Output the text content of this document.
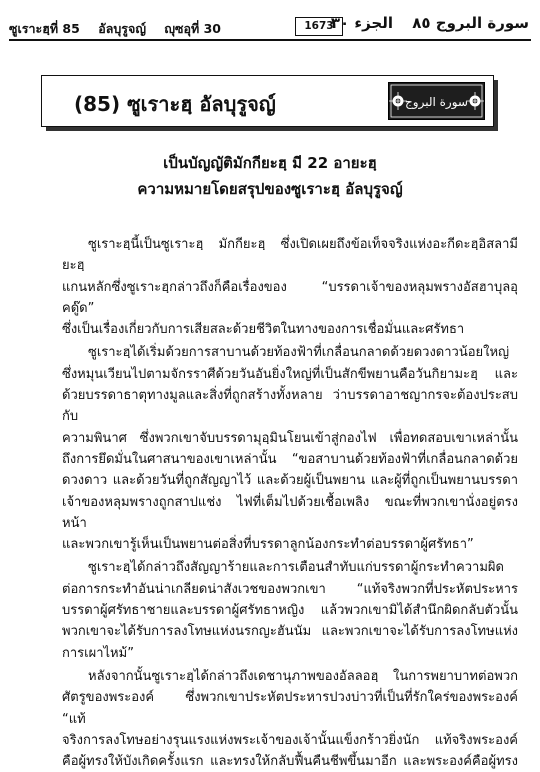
ซูเราะฮฺที่ 85 อัลบุรูจญ์ ญุซอุที่ 30	1673	سورة البروج ٨٥ الجزء ٣٠
(85) ซูเราะฮฺ อัลบุรูจญ์	سورة البروج
เป็นบัญญัติมักกียะฮฺ มี 22 อายะฮฺ
ความหมายโดยสรุปของซูเราะฮฺ อัลบุรูจญ์

ซูเราะฮฺนี้เป็นซูเราะฮฺ มักกียะฮฺ ซึ่งเปิดเผยถึงข้อเท็จจริงแห่งอะกีดะฮฺอิสลามียะฮฺ

แกนหลักซึ่งซูเราะฮฺกล่าวถึงก็คือเรื่องของ “บรรดาเจ้าของหลุมพรางอัสฮาบุลอุคดู๊ด”

ซึ่งเป็นเรื่องเกี่ยวกับการเสียสละด้วยชีวิตในทางของการเชื่อมั่นและศรัทธา

ซูเราะฮฺได้เริ่มด้วยการสาบานด้วยท้องฟ้าที่เกลื่อนกลาดด้วยดวงดาวน้อยใหญ่

ซึ่งหมุนเวียนไปตามจักรราศีด้วยวันอันยิ่งใหญ่ที่เป็นสักขีพยานคือวันกิยามะฮฺ และ

ด้วยบรรดาธาตุทางมูลและสิ่งที่ถูกสร้างทั้งหลาย ว่าบรรดาอาชญากรจะต้องประสบกับ

ความพินาศ ซึ่งพวกเขาจับบรรดามุอฺมินโยนเข้าสู่กองไฟ เพื่อทดสอบเขาเหล่านั้น

ถึงการยึดมั่นในศาสนาของเขาเหล่านั้น “ขอสาบานด้วยท้องฟ้าที่เกลื่อนกลาดด้วย

ดวงดาว และด้วยวันที่ถูกสัญญาไว้ และด้วยผู้เป็นพยาน และผู้ที่ถูกเป็นพยานบรรดา

เจ้าของหลุมพรางถูกสาปแช่ง ไฟที่เต็มไปด้วยเชื้อเพลิง ขณะที่พวกเขานั่งอยู่ตรงหน้า

และพวกเขารู้เห็นเป็นพยานต่อสิ่งที่บรรดาลูกน้องกระทำต่อบรรดาผู้ศรัทธา”

ซูเราะฮฺได้กล่าวถึงสัญญาร้ายและการเตือนสำทับแก่บรรดาผู้กระทำความผิด

ต่อการกระทำอันน่าเกลียดน่าสังเวชของพวกเขา “แท้จริงพวกที่ประหัตประหาร

บรรดาผู้ศรัทธาชายและบรรดาผู้ศรัทธาหญิง แล้วพวกเขามิได้สำนึกผิดกลับตัวนั้น

พวกเขาจะได้รับการลงโทษแห่งนรกญะฮันนัม และพวกเขาจะได้รับการลงโทษแห่ง

การเผาไหม้”

หลังจากนั้นซูเราะฮฺได้กล่าวถึงเดชานุภาพของอัลลอฮฺ ในการพยาบาทต่อพวก

ศัตรูของพระองค์ ซึ่งพวกเขาประหัตประหารปวงบ่าวที่เป็นที่รักใคร่ของพระองค์ “แท้

จริงการลงโทษอย่างรุนแรงแห่งพระเจ้าของเจ้านั้นแข็งกร้าวยิ่งนัก แท้จริงพระองค์

คือผู้ทรงให้บังเกิดครั้งแรก และทรงให้กลับฟื้นคืนชีพขึ้นมาอีก และพระองค์คือผู้ทรง
